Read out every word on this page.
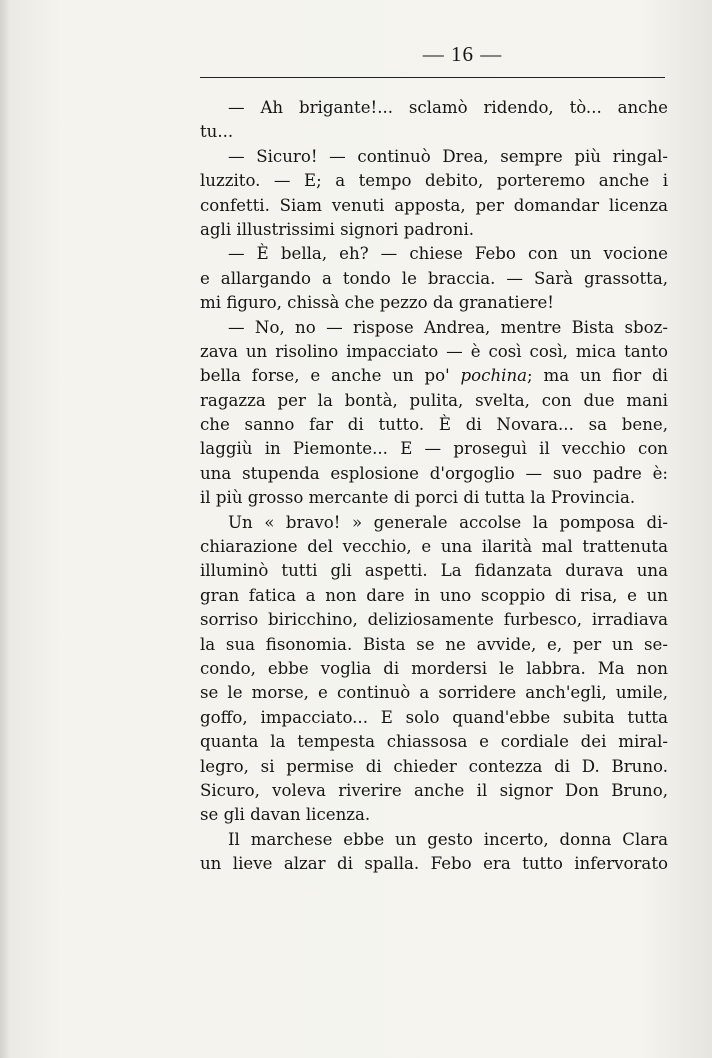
— 16 —
— Ah brigante!... sclamò ridendo, tò... anche
tu...
— Sicuro! — continuò Drea, sempre più ringal-
luzzito. — E; a tempo debito, porteremo anche i
confetti. Siam venuti apposta, per domandar licenza
agli illustrissimi signori padroni.
— È bella, eh? — chiese Febo con un vocione
e allargando a tondo le braccia. — Sarà grassotta,
mi figuro, chissà che pezzo da granatiere!
— No, no — rispose Andrea, mentre Bista sboz-
zava un risolino impacciato — è così così, mica tanto
bella forse, e anche un po' pochina; ma un fior di
ragazza per la bontà, pulita, svelta, con due mani
che sanno far di tutto. È di Novara... sa bene,
laggiù in Piemonte... E — proseguì il vecchio con
una stupenda esplosione d'orgoglio — suo padre è:
il più grosso mercante di porci di tutta la Provincia.
Un « bravo! » generale accolse la pomposa di-
chiarazione del vecchio, e una ilarità mal trattenuta
illuminò tutti gli aspetti. La fidanzata durava una
gran fatica a non dare in uno scoppio di risa, e un
sorriso biricchino, deliziosamente furbesco, irradiava
la sua fisonomia. Bista se ne avvide, e, per un se-
condo, ebbe voglia di mordersi le labbra. Ma non
se le morse, e continuò a sorridere anch'egli, umile,
goffo, impacciato... E solo quand'ebbe subita tutta
quanta la tempesta chiassosa e cordiale dei miral-
legro, si permise di chieder contezza di D. Bruno.
Sicuro, voleva riverire anche il signor Don Bruno,
se gli davan licenza.
Il marchese ebbe un gesto incerto, donna Clara
un lieve alzar di spalla. Febo era tutto infervorato
